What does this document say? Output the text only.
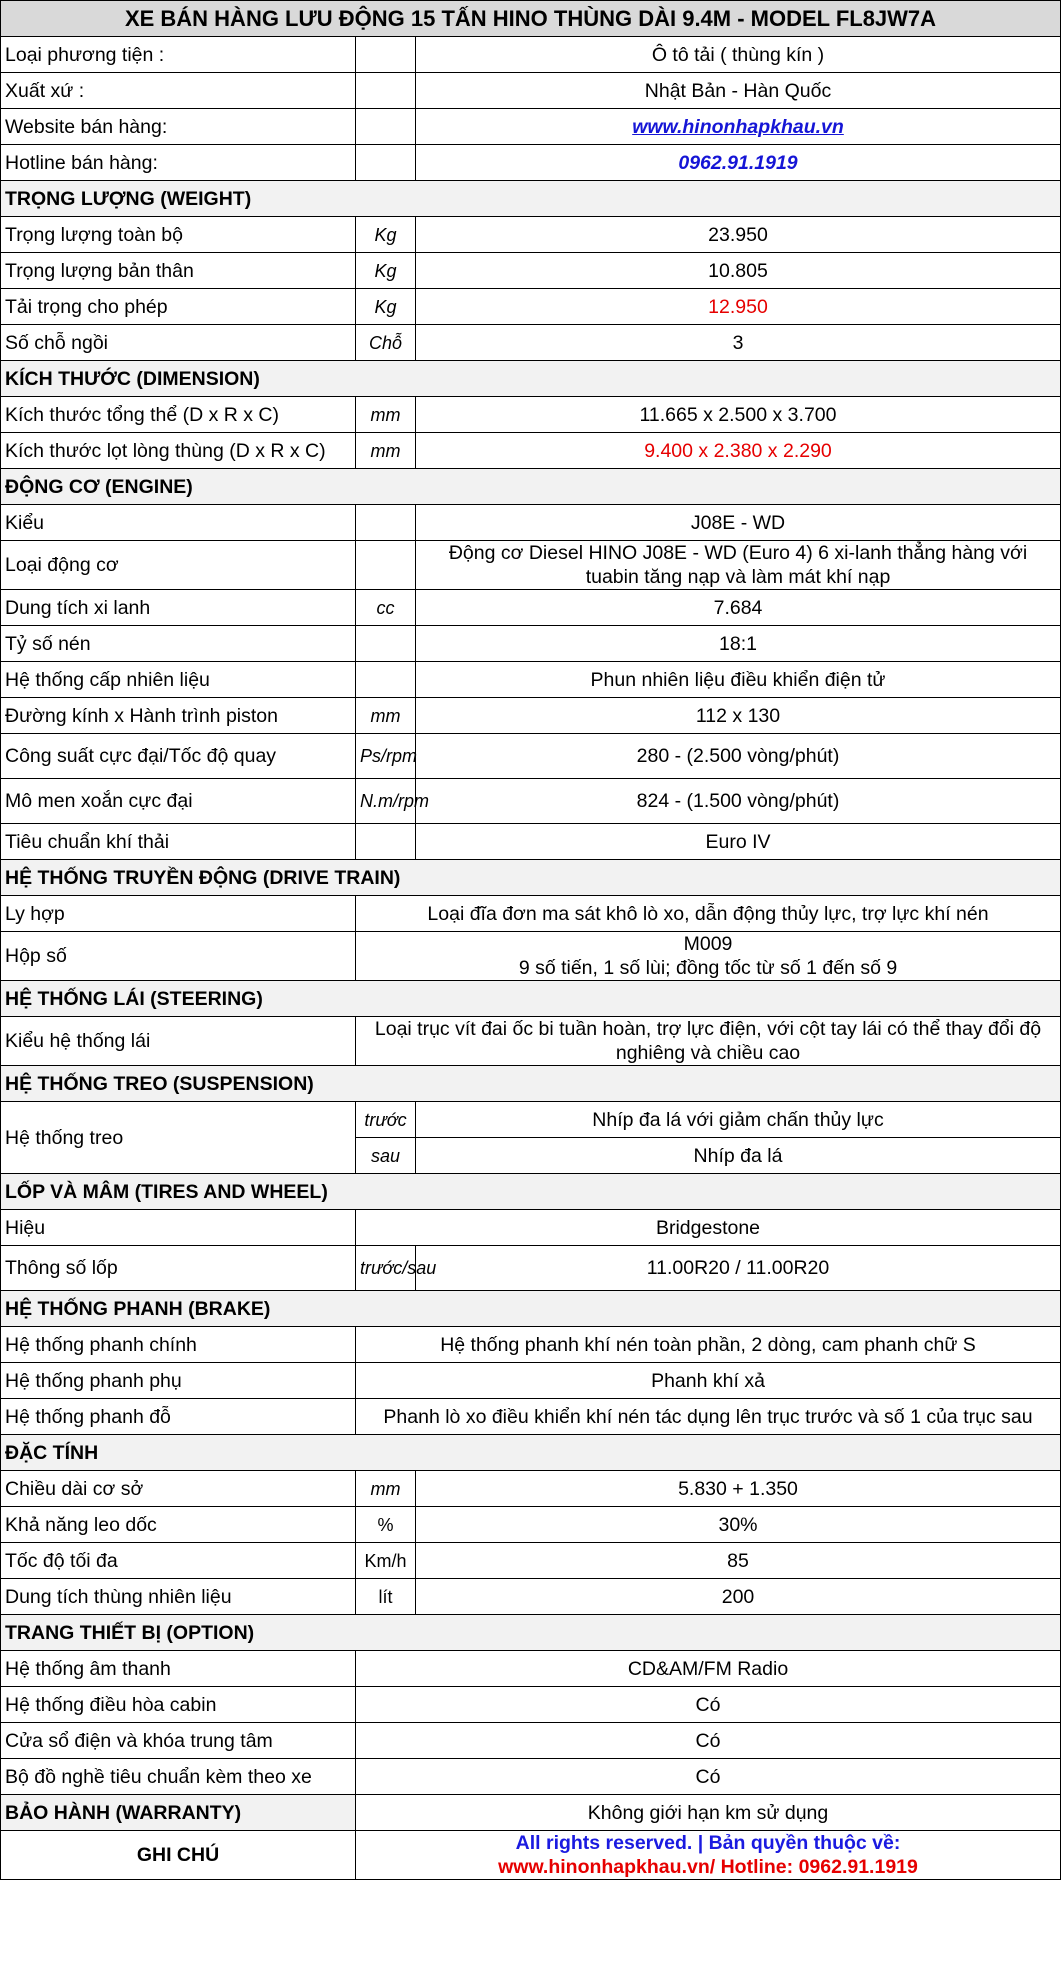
XE BÁN HÀNG LƯU ĐỘNG 15 TẤN HINO THÙNG DÀI 9.4M - MODEL FL8JW7A		
Loại phương tiện :		Ô tô tải ( thùng kín )
Xuất xứ :		Nhật Bản - Hàn Quốc
Website bán hàng:		www.hinonhapkhau.vn
Hotline bán hàng:		0962.91.1919
TRỌNG LƯỢNG (WEIGHT)		
Trọng lượng toàn bộ	Kg	23.950
Trọng lượng bản thân	Kg	10.805
Tải trọng cho phép	Kg	12.950
Số chỗ ngồi	Chỗ	3
KÍCH THƯỚC (DIMENSION)		
Kích thước tổng thể (D x R x C)	mm	11.665 x 2.500 x 3.700
Kích thước lọt lòng thùng (D x R x C)	mm	9.400 x 2.380 x 2.290
ĐỘNG CƠ (ENGINE)		
Kiểu		J08E - WD
Loại động cơ		Động cơ Diesel HINO J08E - WD (Euro 4) 6 xi-lanh thẳng hàng với tuabin tăng nạp và làm mát khí nạp
Dung tích xi lanh	cc	7.684
Tỷ số nén		18:1
Hệ thống cấp nhiên liệu		Phun nhiên liệu điều khiển điện tử
Đường kính x Hành trình piston	mm	112 x 130
Công suất cực đại/Tốc độ quay	Ps/rpm	280 - (2.500 vòng/phút)
Mô men xoắn cực đại	N.m/rpm	824 - (1.500 vòng/phút)
Tiêu chuẩn khí thải		Euro IV
HỆ THỐNG TRUYỀN ĐỘNG (DRIVE TRAIN)		
Ly hợp	Loại đĩa đơn ma sát khô lò xo, dẫn động thủy lực, trợ lực khí nén	
Hộp số	M009
9 số tiến, 1 số lùi; đồng tốc từ số 1 đến số 9	

HỆ THỐNG LÁI (STEERING)		
Kiểu hệ thống lái	Loại trục vít đai ốc bi tuần hoàn, trợ lực điện, với cột tay lái có thể thay đổi độ nghiêng và chiều cao	
HỆ THỐNG TREO (SUSPENSION)		
Hệ thống treo	trước	Nhíp đa lá với giảm chấn thủy lực
	sau	Nhíp đa lá
LỐP VÀ MÂM (TIRES AND WHEEL)		
Hiệu	Bridgestone	
Thông số lốp	trước/sau	11.00R20 / 11.00R20
HỆ THỐNG PHANH (BRAKE)		
Hệ thống phanh chính	Hệ thống phanh khí nén toàn phần, 2 dòng, cam phanh chữ S	
Hệ thống phanh phụ	Phanh khí xả	
Hệ thống phanh đỗ	Phanh lò xo điều khiển khí nén tác dụng lên trục trước và số 1 của trục sau	
ĐẶC TÍNH		
Chiều dài cơ sở	mm	5.830 + 1.350
Khả năng leo dốc	%	30%
Tốc độ tối đa	Km/h	85
Dung tích thùng nhiên liệu	lít	200
TRANG THIẾT BỊ (OPTION)		
Hệ thống âm thanh	CD&AM/FM Radio	
Hệ thống điều hòa cabin	Có	
Cửa sổ điện và khóa trung tâm	Có	
Bộ đồ nghề tiêu chuẩn kèm theo xe	Có	
BẢO HÀNH (WARRANTY)	Không giới hạn km sử dụng	
GHI CHÚ	All rights reserved. | Bản quyền thuộc về:
www.hinonhapkhau.vn/ Hotline: 0962.91.1919	
